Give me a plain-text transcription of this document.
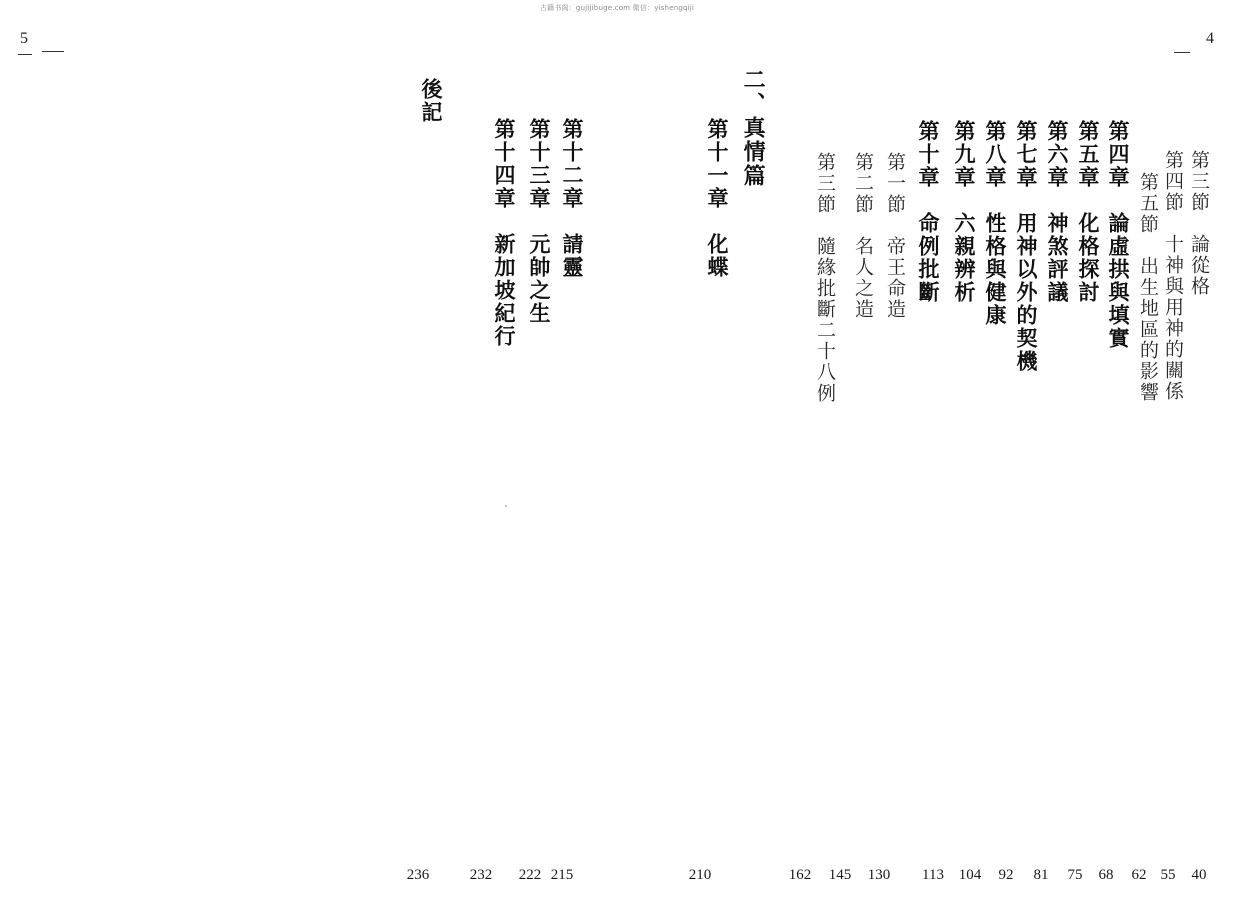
古籍书阁：gujijibuge.com 微信：yishengqiji
5	4
第三節　論從格
第四節　十神與用神的關係
第五節　出生地區的影響
第四章　論虛拱與填實
第五章　化格探討
第六章　神煞評議
第七章　用神以外的契機
第八章　性格與健康
第九章　六親辨析
第十章　命例批斷
第一節　帝王命造
第二節　名人之造
第三節　隨緣批斷二十八例
二、真情篇
第十一章　化蝶
第十二章　請靈
第十三章　元帥之生
第十四章　新加坡紀行
後記
40
55
62
68
75
81
92
104
113
130
145
162
210
215
222
232
236
